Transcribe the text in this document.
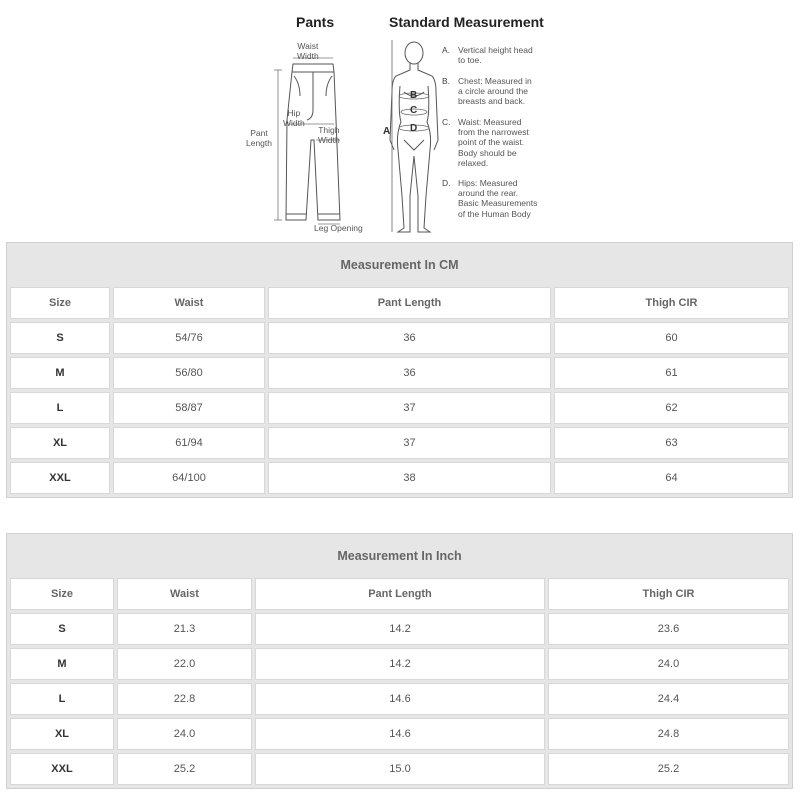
Pants	Standard Measurement
Waist
Width
Hip
Width
Thigh
Width
Pant
Length
Leg Opening
A
B
C
D
A. Vertical height head
to toe.
B. Chest: Measured in
a circle around the
breasts and back.
C. Waist: Measured
from the narrowest
point of the waist.
Body should be
relaxed.
D. Hips: Measured
around the rear.
Basic Measurements
of the Human Body
Measurement In CM
Size	Waist	Pant Length	Thigh CIR
S	54/76	36	60
M	56/80	36	61
L	58/87	37	62
XL	61/94	37	63
XXL	64/100	38	64
Measurement In Inch
Size	Waist	Pant Length	Thigh CIR
S	21.3	14.2	23.6
M	22.0	14.2	24.0
L	22.8	14.6	24.4
XL	24.0	14.6	24.8
XXL	25.2	15.0	25.2
